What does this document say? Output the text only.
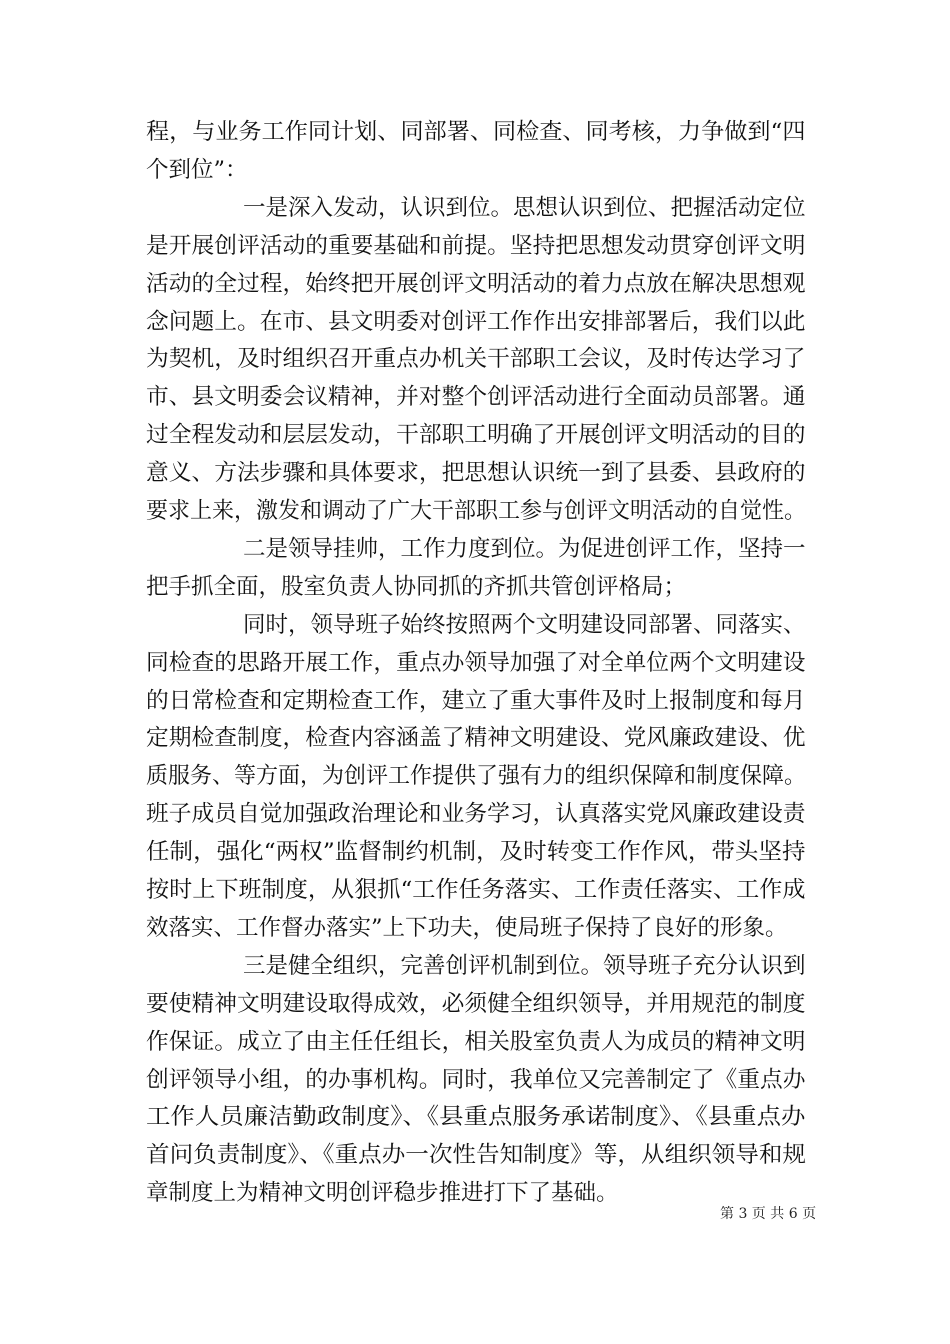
程，与业务工作同计划、同部署、同检查、同考核，力争做到“四
个到位”：
一是深入发动，认识到位。思想认识到位、把握活动定位
是开展创评活动的重要基础和前提。坚持把思想发动贯穿创评文明
活动的全过程，始终把开展创评文明活动的着力点放在解决思想观
念问题上。在市、县文明委对创评工作作出安排部署后，我们以此
为契机，及时组织召开重点办机关干部职工会议，及时传达学习了
市、县文明委会议精神，并对整个创评活动进行全面动员部署。通
过全程发动和层层发动，干部职工明确了开展创评文明活动的目的
意义、方法步骤和具体要求，把思想认识统一到了县委、县政府的
要求上来，激发和调动了广大干部职工参与创评文明活动的自觉性。
二是领导挂帅，工作力度到位。为促进创评工作，坚持一
把手抓全面，股室负责人协同抓的齐抓共管创评格局；
同时，领导班子始终按照两个文明建设同部署、同落实、
同检查的思路开展工作，重点办领导加强了对全单位两个文明建设
的日常检查和定期检查工作，建立了重大事件及时上报制度和每月
定期检查制度，检查内容涵盖了精神文明建设、党风廉政建设、优
质服务、等方面，为创评工作提供了强有力的组织保障和制度保障。
班子成员自觉加强政治理论和业务学习，认真落实党风廉政建设责
任制，强化“两权”监督制约机制，及时转变工作作风，带头坚持
按时上下班制度，从狠抓“工作任务落实、工作责任落实、工作成
效落实、工作督办落实”上下功夫，使局班子保持了良好的形象。
三是健全组织，完善创评机制到位。领导班子充分认识到
要使精神文明建设取得成效，必须健全组织领导，并用规范的制度
作保证。成立了由主任任组长，相关股室负责人为成员的精神文明
创评领导小组，的办事机构。同时，我单位又完善制定了《重点办
工作人员廉洁勤政制度》、《县重点服务承诺制度》、《县重点办
首问负责制度》、《重点办一次性告知制度》等，从组织领导和规
章制度上为精神文明创评稳步推进打下了基础。
第 3 页 共 6 页
